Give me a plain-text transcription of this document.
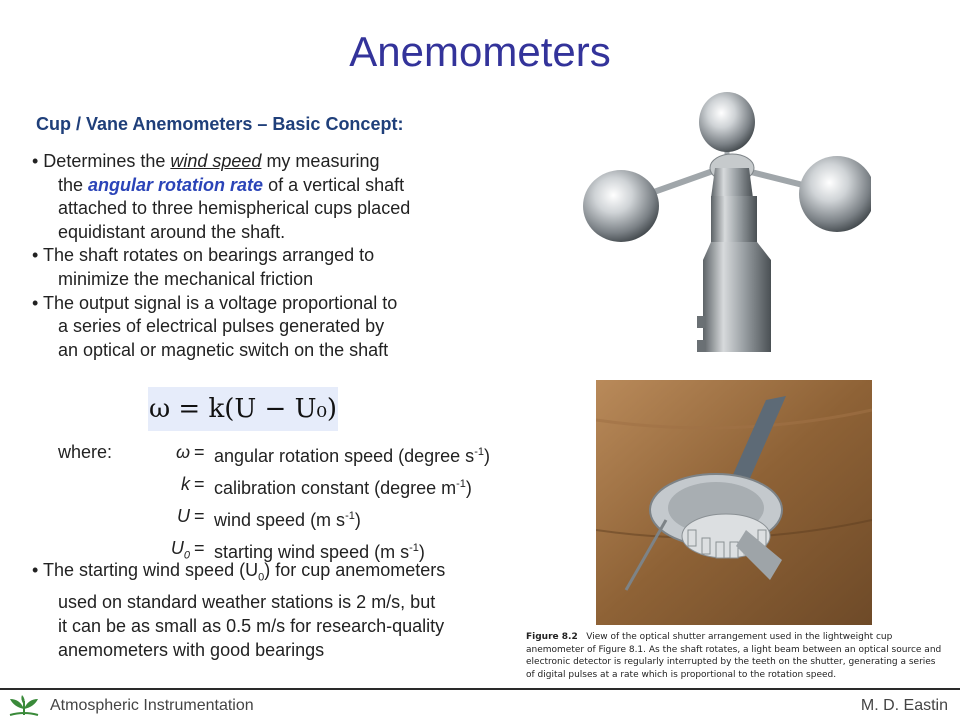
Anemometers
Cup / Vane Anemometers – Basic Concept:
• Determines the wind speed my measuring
the angular rotation rate of a vertical shaft
attached to three hemispherical cups placed
equidistant around the shaft.
• The shaft rotates on bearings arranged to
minimize the mechanical friction
• The output signal is a voltage proportional to
a series of electrical pulses generated by
an optical or magnetic switch on the shaft
ω = k(U − U₀)
where:	ω	=	angular rotation speed (degree $s^{-1}$)
	k	=	calibration constant (degree $m^{-1}$)
	U	=	wind speed (m $s^{-1}$)
	$U_0$	=	starting wind speed (m $s^{-1}$)
• The starting wind speed $(U_0)$ for cup anemometers
used on standard weather stations is 2 m/s, but
it can be as small as 0.5 m/s for research-quality
anemometers with good bearings
Figure 8.2 View of the optical shutter arrangement used in the lightweight cup anemometer of Figure 8.1. As the shaft rotates, a light beam between an optical source and electronic detector is regularly interrupted by the teeth on the shutter, generating a series of digital pulses at a rate which is proportional to the rotation speed.
Atmospheric Instrumentation	M. D. Eastin
